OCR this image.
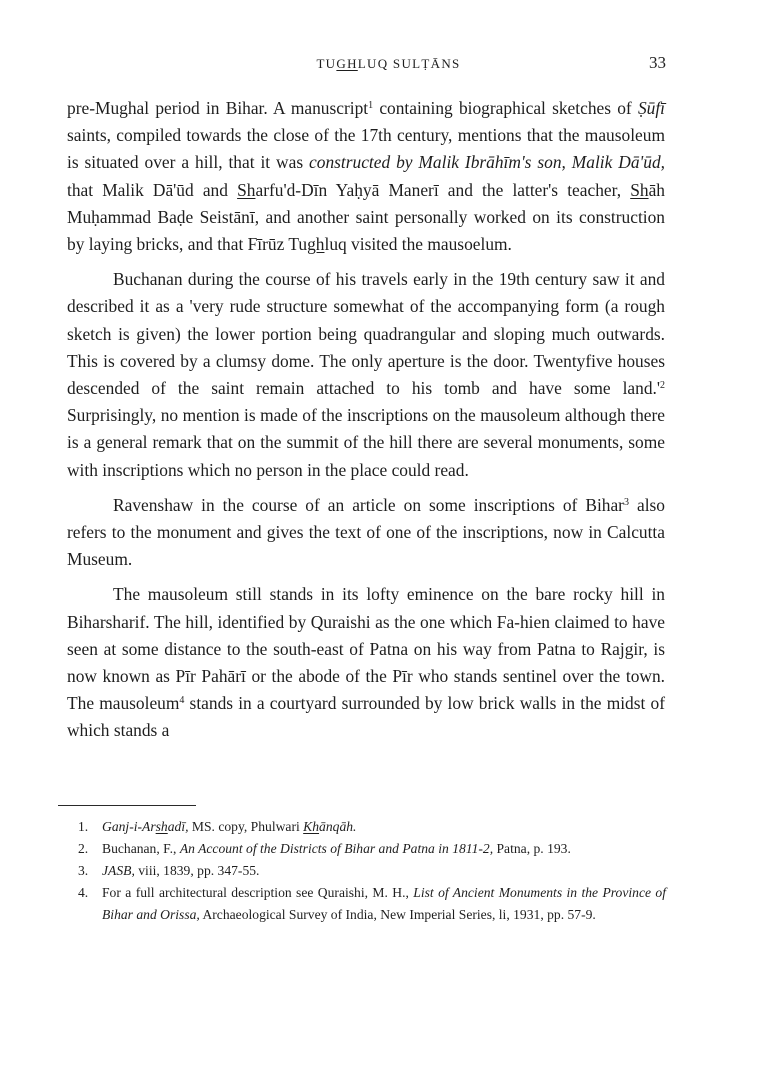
TUGHLUQ SULṬĀNS	33

pre-Mughal period in Bihar. A manuscript$^1$ containing biographical sketches of Ṣūfī saints, compiled towards the close of the 17th century, mentions that the mausoleum is situated over a hill, that it was constructed by Malik Ibrāhīm's son, Malik Dā'ūd, that Malik Dā'ūd and Sharfu'd-Dīn Yaḥyā Manerī and the latter's teacher, Shāh Muḥammad Baḍe Seistānī, and another saint personally worked on its construction by laying bricks, and that Fīrūz Tughluq visited the mausoelum.

Buchanan during the course of his travels early in the 19th century saw it and described it as a 'very rude structure somewhat of the accompanying form (a rough sketch is given) the lower portion being quadrangular and sloping much outwards. This is covered by a clumsy dome. The only aperture is the door. Twentyfive houses descended of the saint remain attached to his tomb and have some $land.'^2$ Surprisingly, no mention is made of the inscriptions on the mausoleum although there is a general remark that on the summit of the hill there are several monuments, some with inscriptions which no person in the place could read.

Ravenshaw in the course of an article on some inscriptions of Bihar$^3$ also refers to the monument and gives the text of one of the inscriptions, now in Calcutta Museum.

The mausoleum still stands in its lofty eminence on the bare rocky hill in Biharsharif. The hill, identified by Quraishi as the one which Fa-hien claimed to have seen at some distance to the south-east of Patna on his way from Patna to Rajgir, is now known as Pīr Pahārī or the abode of the Pīr who stands sentinel over the town. The mausoleum$^4$ stands in a courtyard surrounded by low brick walls in the midst of which stands a

1. Ganj-i-Arshadī, MS. copy, Phulwari Khānqāh.

2. Buchanan, F., An Account of the Districts of Bihar and Patna in 1811-2, Patna, p. 193.

3. JASB, viii, 1839, pp. 347-55.

4. For a full architectural description see Quraishi, M. H., List of Ancient Monuments in the Province of Bihar and Orissa, Archaeological Survey of India, New Imperial Series, li, 1931, pp. 57-9.
